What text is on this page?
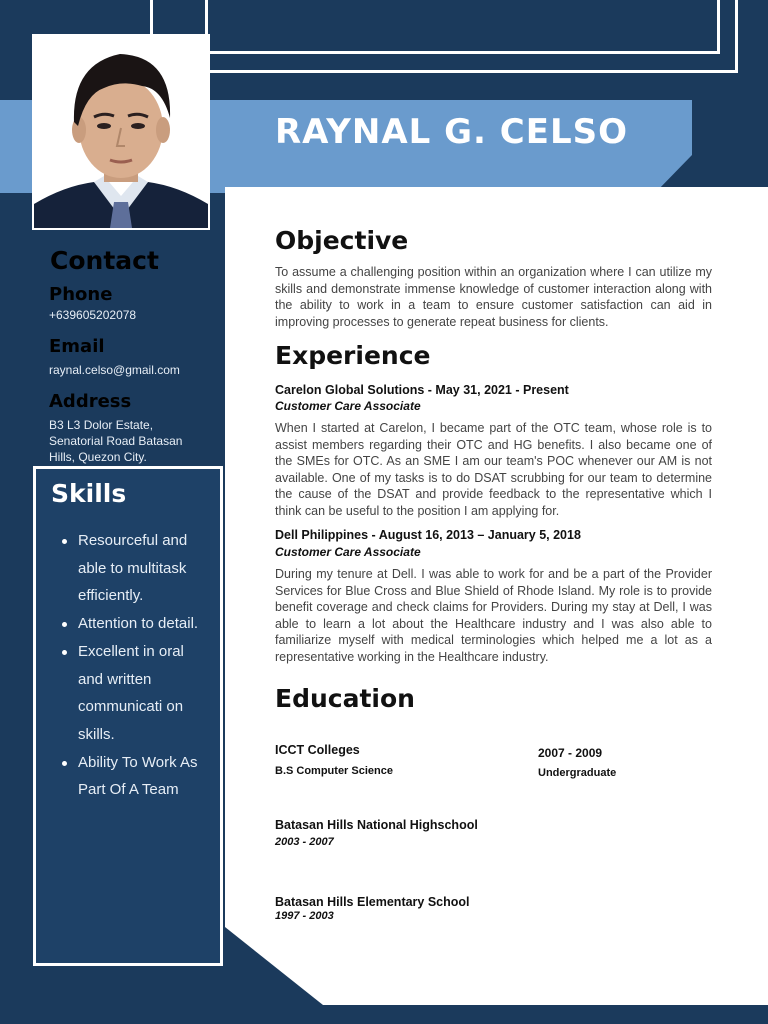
RAYNAL G. CELSO
Contact
Phone
+639605202078
Email
raynal.celso@gmail.com
Address
B3 L3 Dolor Estate, Senatorial Road Batasan Hills, Quezon City.
Skills
Resourceful and able to multitask efficiently.
Attention to detail.
Excellent in oral and written communicati on skills.
Ability To Work As Part Of A Team
Objective
To assume a challenging position within an organization where I can utilize my skills and demonstrate immense knowledge of customer interaction along with the ability to work in a team to ensure customer satisfaction can aid in improving processes to generate repeat business for clients.
Experience
Carelon Global Solutions - May 31, 2021 - Present
Customer Care Associate
When I started at Carelon, I became part of the OTC team, whose role is to assist members regarding their OTC and HG benefits. I also became one of the SMEs for OTC. As an SME I am our team's POC whenever our AM is not available. One of my tasks is to do DSAT scrubbing for our team to determine the cause of the DSAT and provide feedback to the representative which I think can be useful to the position I am applying for.
Dell Philippines - August 16, 2013 – January 5, 2018
Customer Care Associate
During my tenure at Dell. I was able to work for and be a part of the Provider Services for Blue Cross and Blue Shield of Rhode Island. My role is to provide benefit coverage and check claims for Providers. During my stay at Dell, I was able to learn a lot about the Healthcare industry and I was also able to familiarize myself with medical terminologies which helped me a lot as a representative working in the Healthcare industry.
Education
ICCT Colleges
B.S Computer Science
2007 - 2009
Undergraduate
Batasan Hills National Highschool
2003 - 2007
Batasan Hills Elementary School
1997 - 2003
